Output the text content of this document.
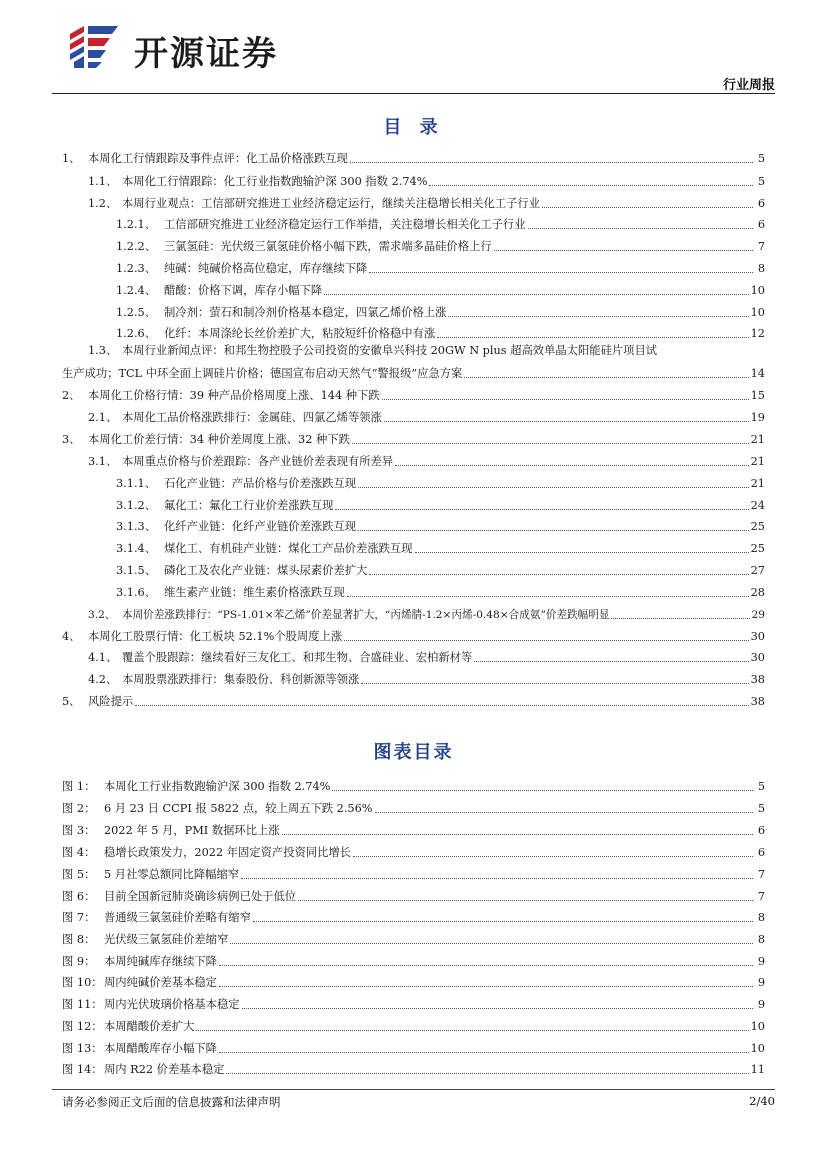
开源证券
行业周报
目 录
1、 本周化工行情跟踪及事件点评：化工品价格涨跌互现	5
1.1、 本周化工行情跟踪：化工行业指数跑输沪深 300 指数 2.74%	5
1.2、 本周行业观点：工信部研究推进工业经济稳定运行，继续关注稳增长相关化工子行业	6
1.2.1、 工信部研究推进工业经济稳定运行工作举措，关注稳增长相关化工子行业	6
1.2.2、 三氯氢硅：光伏级三氯氢硅价格小幅下跌，需求端多晶硅价格上行	7
1.2.3、 纯碱：纯碱价格高位稳定，库存继续下降	8
1.2.4、 醋酸：价格下调，库存小幅下降	10
1.2.5、 制冷剂：萤石和制冷剂价格基本稳定，四氯乙烯价格上涨	10
1.2.6、 化纤：本周涤纶长丝价差扩大，粘胶短纤价格稳中有涨	12
1.3、 本周行业新闻点评：和邦生物控股子公司投资的安徽阜兴科技 20GW N plus 超高效单晶太阳能硅片项目试
生产成功；TCL 中环全面上调硅片价格；德国宣布启动天然气“警报级”应急方案	14
2、 本周化工价格行情：39 种产品价格周度上涨、144 种下跌	15
2.1、 本周化工品价格涨跌排行：金属硅、四氯乙烯等领涨	19
3、 本周化工价差行情：34 种价差周度上涨、32 种下跌	21
3.1、 本周重点价格与价差跟踪：各产业链价差表现有所差异	21
3.1.1、 石化产业链：产品价格与价差涨跌互现	21
3.1.2、 氟化工：氟化工行业价差涨跌互现	24
3.1.3、 化纤产业链：化纤产业链价差涨跌互现	25
3.1.4、 煤化工、有机硅产业链：煤化工产品价差涨跌互现	25
3.1.5、 磷化工及农化产业链：煤头尿素价差扩大	27
3.1.6、 维生素产业链：维生素价格涨跌互现	28
3.2、 本周价差涨跌排行：“PS-1.01×苯乙烯”价差显著扩大，“丙烯腈-1.2×丙烯-0.48×合成氨”价差跌幅明显	29
4、 本周化工股票行情：化工板块 52.1%个股周度上涨	30
4.1、 覆盖个股跟踪：继续看好三友化工、和邦生物、合盛硅业、宏柏新材等	30
4.2、 本周股票涨跌排行：集泰股份、科创新源等领涨	38
5、 风险提示	38
图表目录
图 1： 本周化工行业指数跑输沪深 300 指数 2.74%	5
图 2： 6 月 23 日 CCPI 报 5822 点，较上周五下跌 2.56%	5
图 3： 2022 年 5 月，PMI 数据环比上涨	6
图 4： 稳增长政策发力，2022 年固定资产投资同比增长	6
图 5： 5 月社零总额同比降幅缩窄	7
图 6： 目前全国新冠肺炎确诊病例已处于低位	7
图 7： 普通级三氯氢硅价差略有缩窄	8
图 8： 光伏级三氯氢硅价差缩窄	8
图 9： 本周纯碱库存继续下降	9
图 10： 周内纯碱价差基本稳定	9
图 11： 周内光伏玻璃价格基本稳定	9
图 12： 本周醋酸价差扩大	10
图 13： 本周醋酸库存小幅下降	10
图 14： 周内 R22 价差基本稳定	11
请务必参阅正文后面的信息披露和法律声明	2/40
